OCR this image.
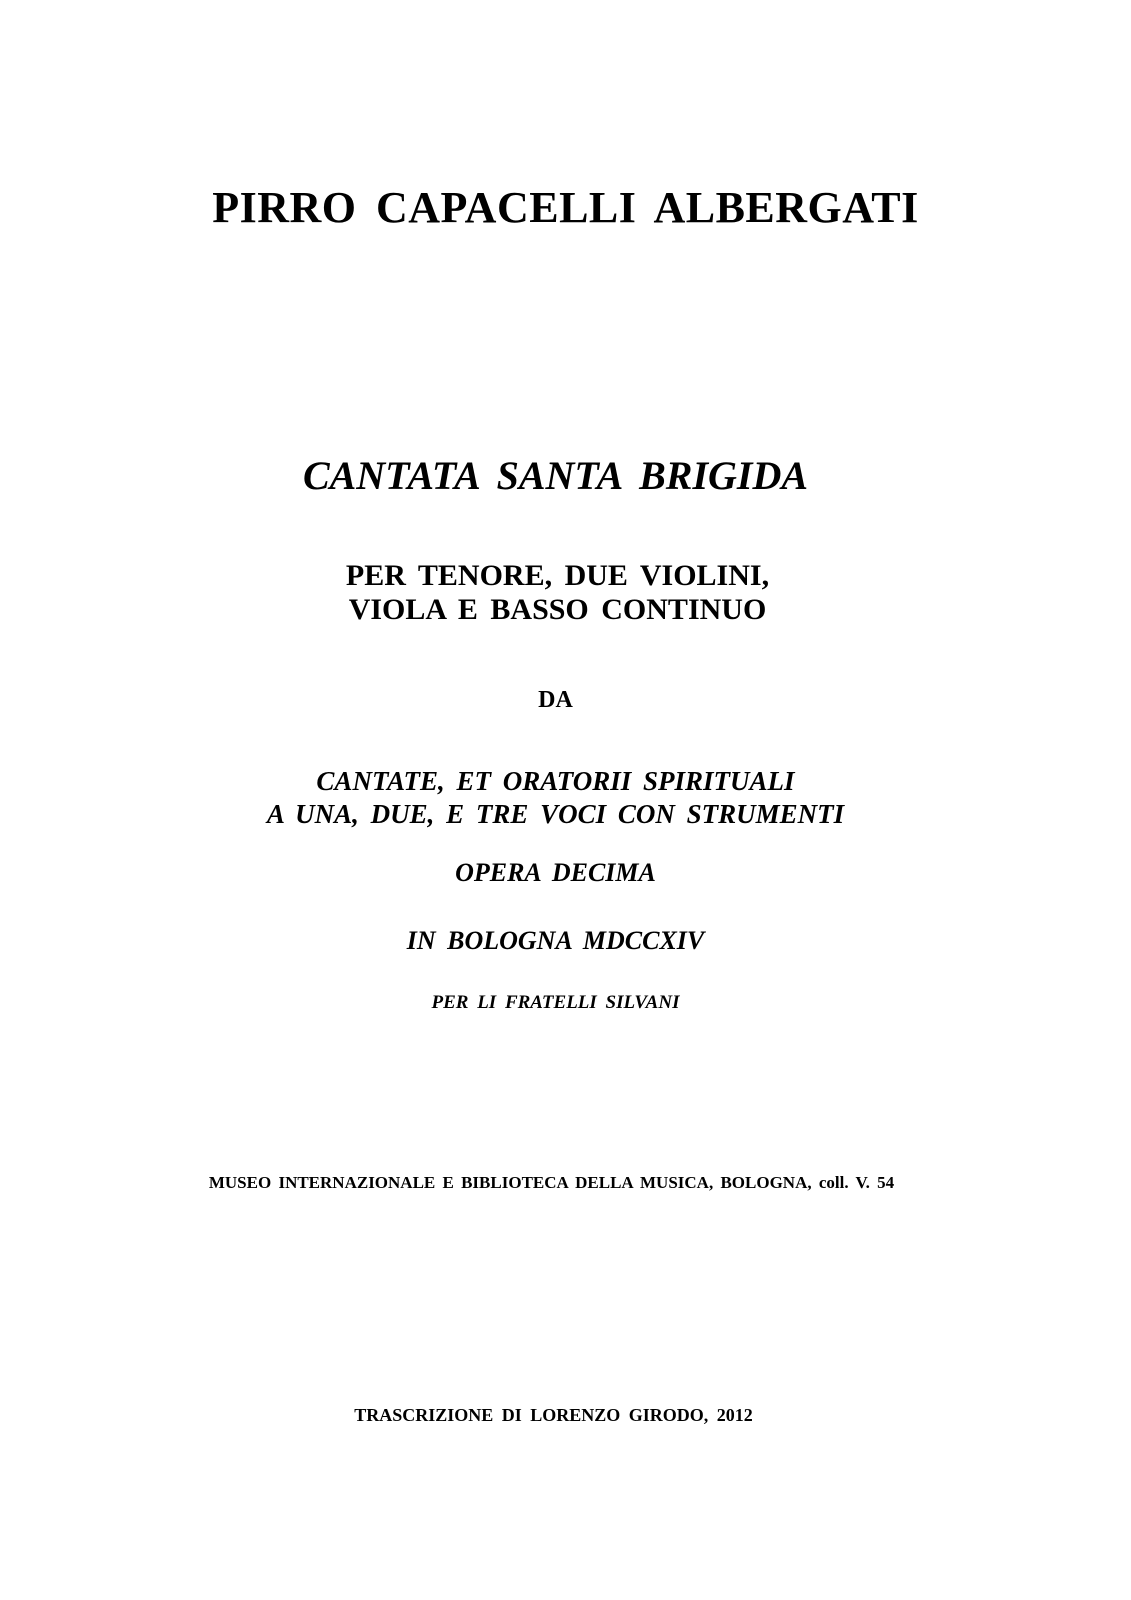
PIRRO CAPACELLI ALBERGATI
CANTATA SANTA BRIGIDA
PER TENORE, DUE VIOLINI,
VIOLA E BASSO CONTINUO
DA
CANTATE, ET ORATORII SPIRITUALI
A UNA, DUE, E TRE VOCI CON STRUMENTI
OPERA DECIMA
IN BOLOGNA MDCCXIV
PER LI FRATELLI SILVANI
MUSEO INTERNAZIONALE E BIBLIOTECA DELLA MUSICA, BOLOGNA, coll. V. 54
TRASCRIZIONE DI LORENZO GIRODO, 2012
